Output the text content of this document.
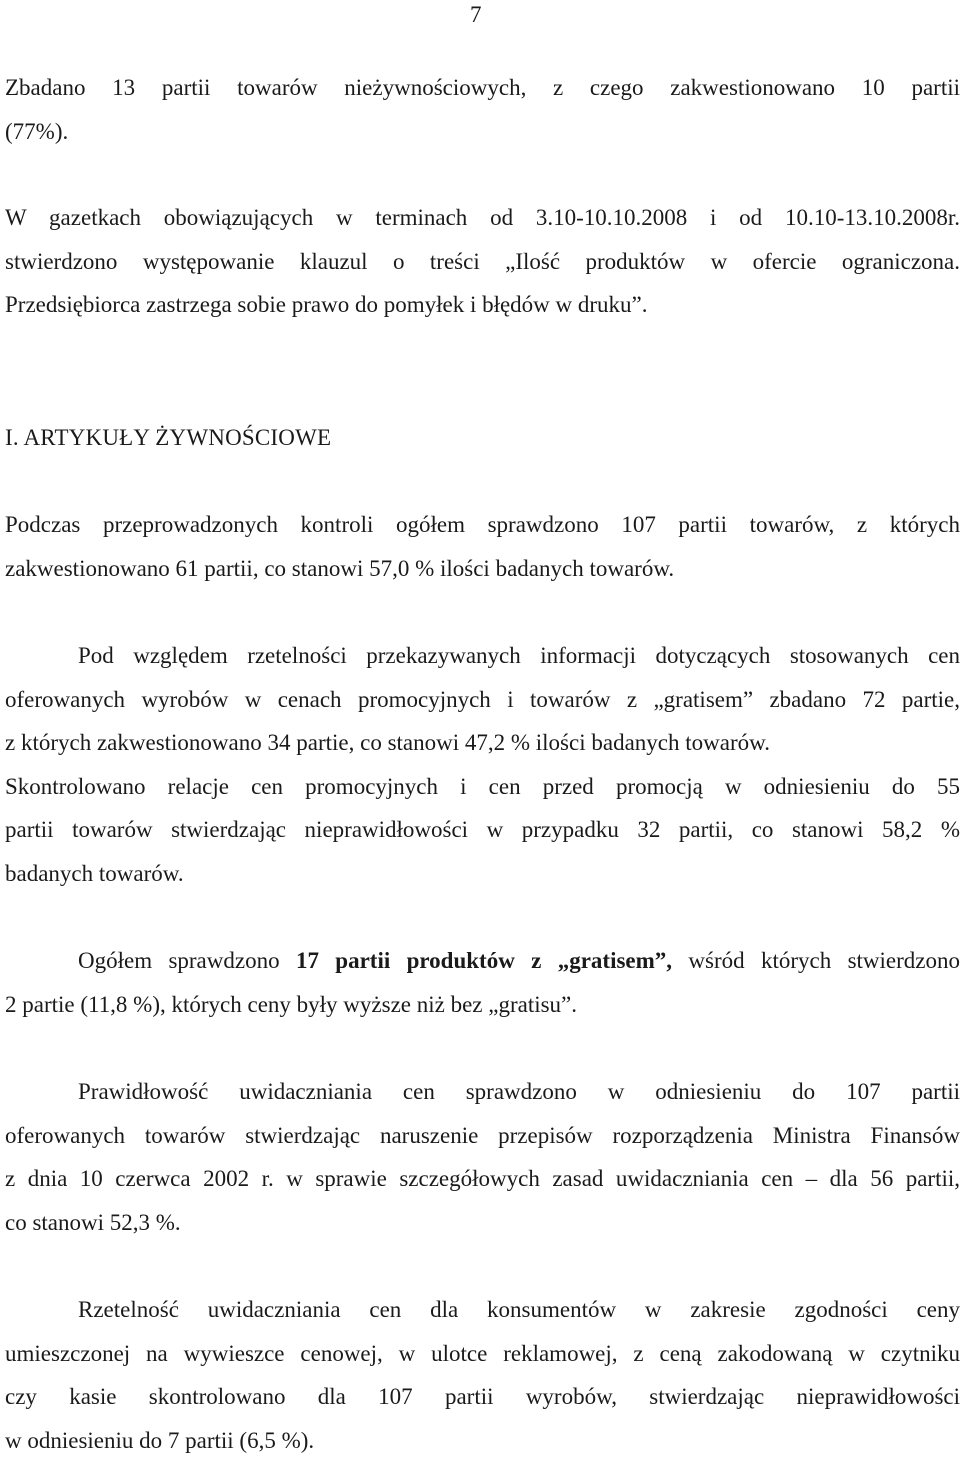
7
Zbadano 13 partii towarów nieżywnościowych, z czego zakwestionowano 10 partii
(77%).
W gazetkach obowiązujących w terminach od 3.10-10.10.2008 i od 10.10-13.10.2008r.
stwierdzono występowanie klauzul o treści „Ilość produktów w ofercie ograniczona.
Przedsiębiorca zastrzega sobie prawo do pomyłek i błędów w druku”.
I. ARTYKUŁY ŻYWNOŚCIOWE
Podczas przeprowadzonych kontroli ogółem sprawdzono 107 partii towarów, z których
zakwestionowano 61 partii, co stanowi 57,0 % ilości badanych towarów.
Pod względem rzetelności przekazywanych informacji dotyczących stosowanych cen
oferowanych wyrobów w cenach promocyjnych i towarów z „gratisem” zbadano 72 partie,
z których zakwestionowano 34 partie, co stanowi 47,2 % ilości badanych towarów.
Skontrolowano relacje cen promocyjnych i cen przed promocją w odniesieniu do 55
partii towarów stwierdzając nieprawidłowości w przypadku 32 partii, co stanowi 58,2 %
badanych towarów.
Ogółem sprawdzono 17 partii produktów z „gratisem”, wśród których stwierdzono
2 partie (11,8 %), których ceny były wyższe niż bez „gratisu”.
Prawidłowość uwidaczniania cen sprawdzono w odniesieniu do 107 partii
oferowanych towarów stwierdzając naruszenie przepisów rozporządzenia Ministra Finansów
z dnia 10 czerwca 2002 r. w sprawie szczegółowych zasad uwidaczniania cen – dla 56 partii,
co stanowi 52,3 %.
Rzetelność uwidaczniania cen dla konsumentów w zakresie zgodności ceny
umieszczonej na wywieszce cenowej, w ulotce reklamowej, z ceną zakodowaną w czytniku
czy kasie skontrolowano dla 107 partii wyrobów, stwierdzając nieprawidłowości
w odniesieniu do 7 partii (6,5 %).
